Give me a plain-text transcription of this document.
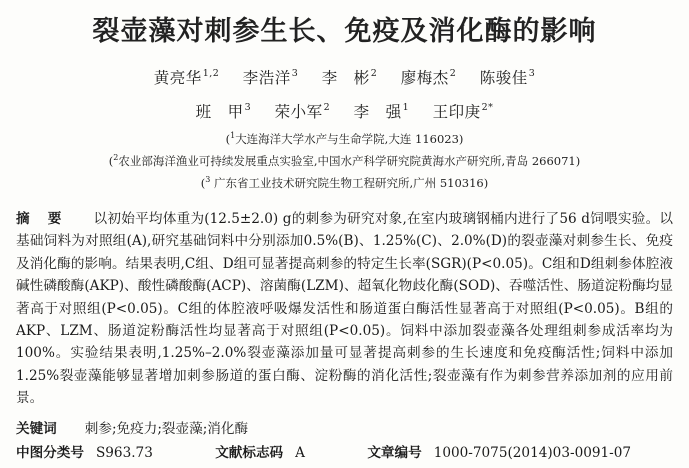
裂壶藻对刺参生长、免疫及消化酶的影响
黄亮华$^{1,2}$ 李浩洋$^3$ 李　彬$^2$ 廖梅杰$^2$ 陈骏佳$^3$
班　甲$^3$ 荣小军$^2$ 李　强$^1$ 王印庚$^{2*}$
($^1$大连海洋大学水产与生命学院,大连 116023)
($^2$农业部海洋渔业可持续发展重点实验室,中国水产科学研究院黄海水产研究所,青岛 266071)
($^3$ 广东省工业技术研究院生物工程研究所,广州 510316)
摘　要 以初始平均体重为(12.5±2.0) g的刺参为研究对象,在室内玻璃钢桶内进行了56 d饲喂实验。以基础饲料为对照组(A),研究基础饲料中分别添加0.5%(B)、1.25%(C)、2.0%(D)的裂壶藻对刺参生长、免疫及消化酶的影响。结果表明,C组、D组可显著提高刺参的特定生长率(SGR)(P<0.05)。C组和D组刺参体腔液碱性磷酸酶(AKP)、酸性磷酸酶(ACP)、溶菌酶(LZM)、超氧化物歧化酶(SOD)、吞噬活性、肠道淀粉酶均显著高于对照组(P<0.05)。C组的体腔液呼吸爆发活性和肠道蛋白酶活性显著高于对照组(P<0.05)。B组的AKP、LZM、肠道淀粉酶活性均显著高于对照组(P<0.05)。饲料中添加裂壶藻各处理组刺参成活率均为100%。实验结果表明,1.25%–2.0%裂壶藻添加量可显著提高刺参的生长速度和免疫酶活性;饲料中添加1.25%裂壶藻能够显著增加刺参肠道的蛋白酶、淀粉酶的消化活性;裂壶藻有作为刺参营养添加剂的应用前景。
关键词 刺参;免疫力;裂壶藻;消化酶
中图分类号 S963.73	文献标志码 A	文章编号 1000-7075(2014)03-0091-07
